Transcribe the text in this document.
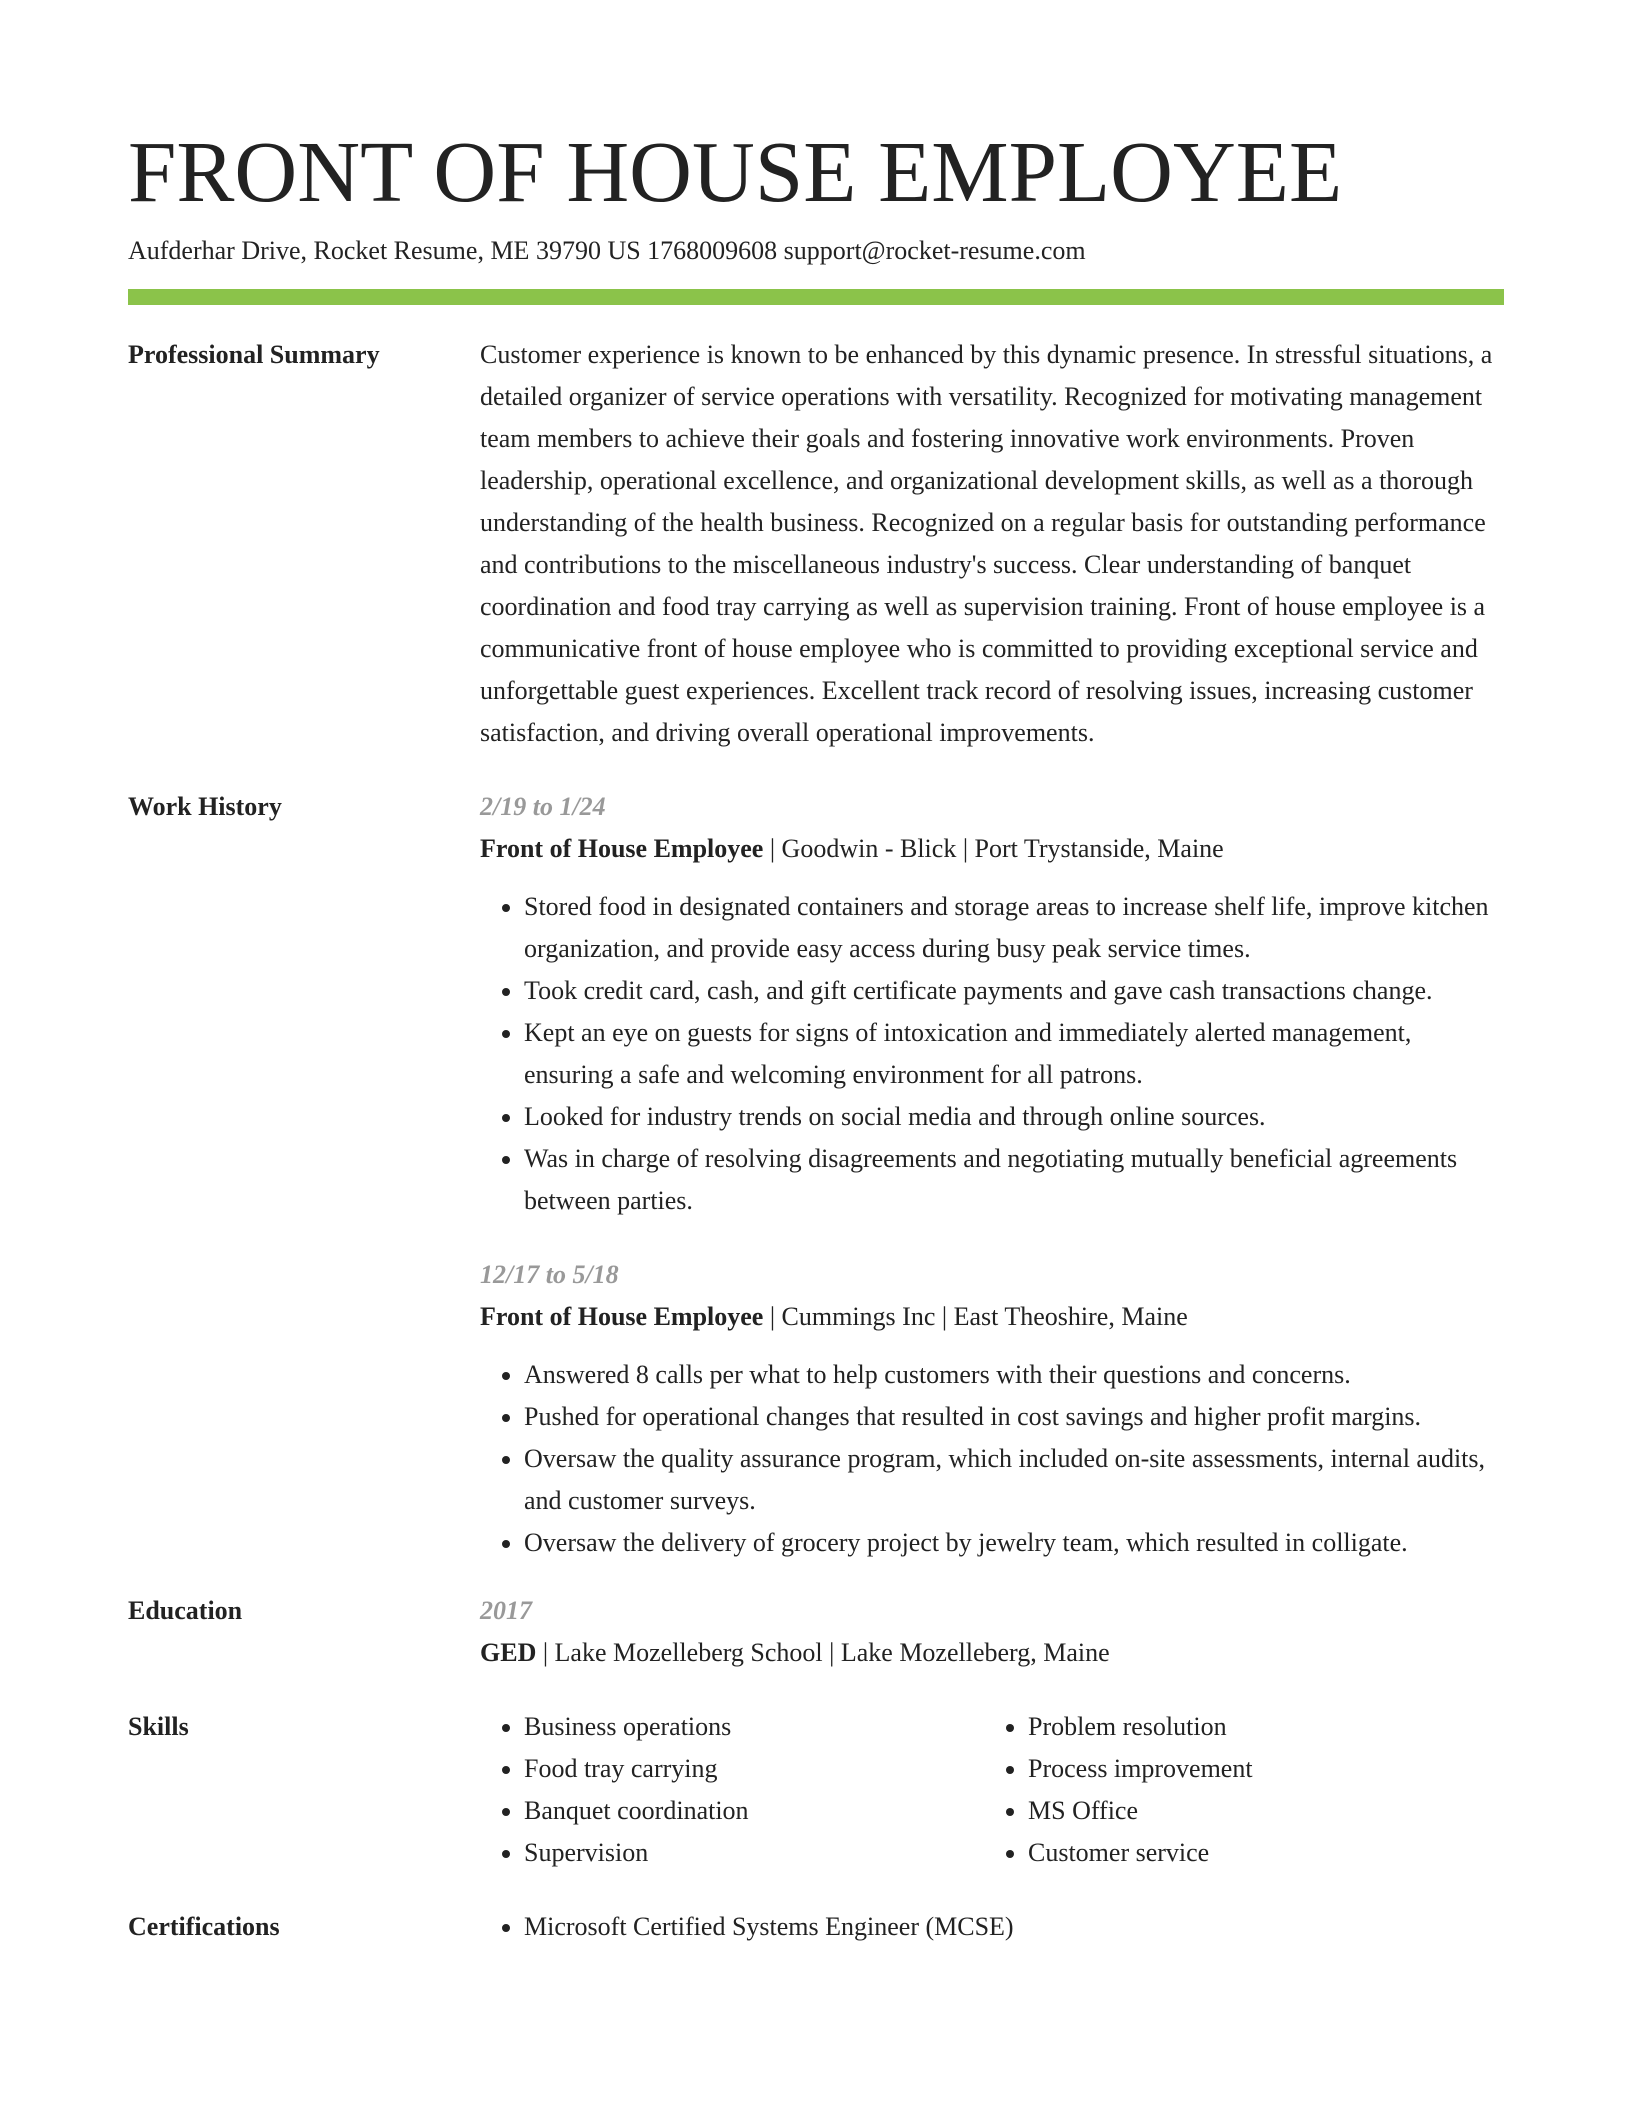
FRONT OF HOUSE EMPLOYEE
Aufderhar Drive, Rocket Resume, ME 39790 US 1768009608 support@rocket-resume.com
Professional Summary	Customer experience is known to be enhanced by this dynamic presence. In stressful situations, a detailed organizer of service operations with versatility. Recognized for motivating management team members to achieve their goals and fostering innovative work environments. Proven leadership, operational excellence, and organizational development skills, as well as a thorough understanding of the health business. Recognized on a regular basis for outstanding performance and contributions to the miscellaneous industry's success. Clear understanding of banquet coordination and food tray carrying as well as supervision training. Front of house employee is a communicative front of house employee who is committed to providing exceptional service and unforgettable guest experiences. Excellent track record of resolving issues, increasing customer satisfaction, and driving overall operational improvements.
Work History	2/19 to 1/24
Front of House Employee | Goodwin - Blick | Port Trystanside, Maine
• Stored food in designated containers and storage areas to increase shelf life, improve kitchen organization, and provide easy access during busy peak service times.
• Took credit card, cash, and gift certificate payments and gave cash transactions change.
• Kept an eye on guests for signs of intoxication and immediately alerted management, ensuring a safe and welcoming environment for all patrons.
• Looked for industry trends on social media and through online sources.
• Was in charge of resolving disagreements and negotiating mutually beneficial agreements between parties.
12/17 to 5/18
Front of House Employee | Cummings Inc | East Theoshire, Maine
• Answered 8 calls per what to help customers with their questions and concerns.
• Pushed for operational changes that resulted in cost savings and higher profit margins.
• Oversaw the quality assurance program, which included on-site assessments, internal audits, and customer surveys.
• Oversaw the delivery of grocery project by jewelry team, which resulted in colligate.
Education	2017
GED | Lake Mozelleberg School | Lake Mozelleberg, Maine
Skills	• Business operations
• Food tray carrying
• Banquet coordination
• Supervision
• Problem resolution
• Process improvement
• MS Office
• Customer service
Certifications	• Microsoft Certified Systems Engineer (MCSE)
